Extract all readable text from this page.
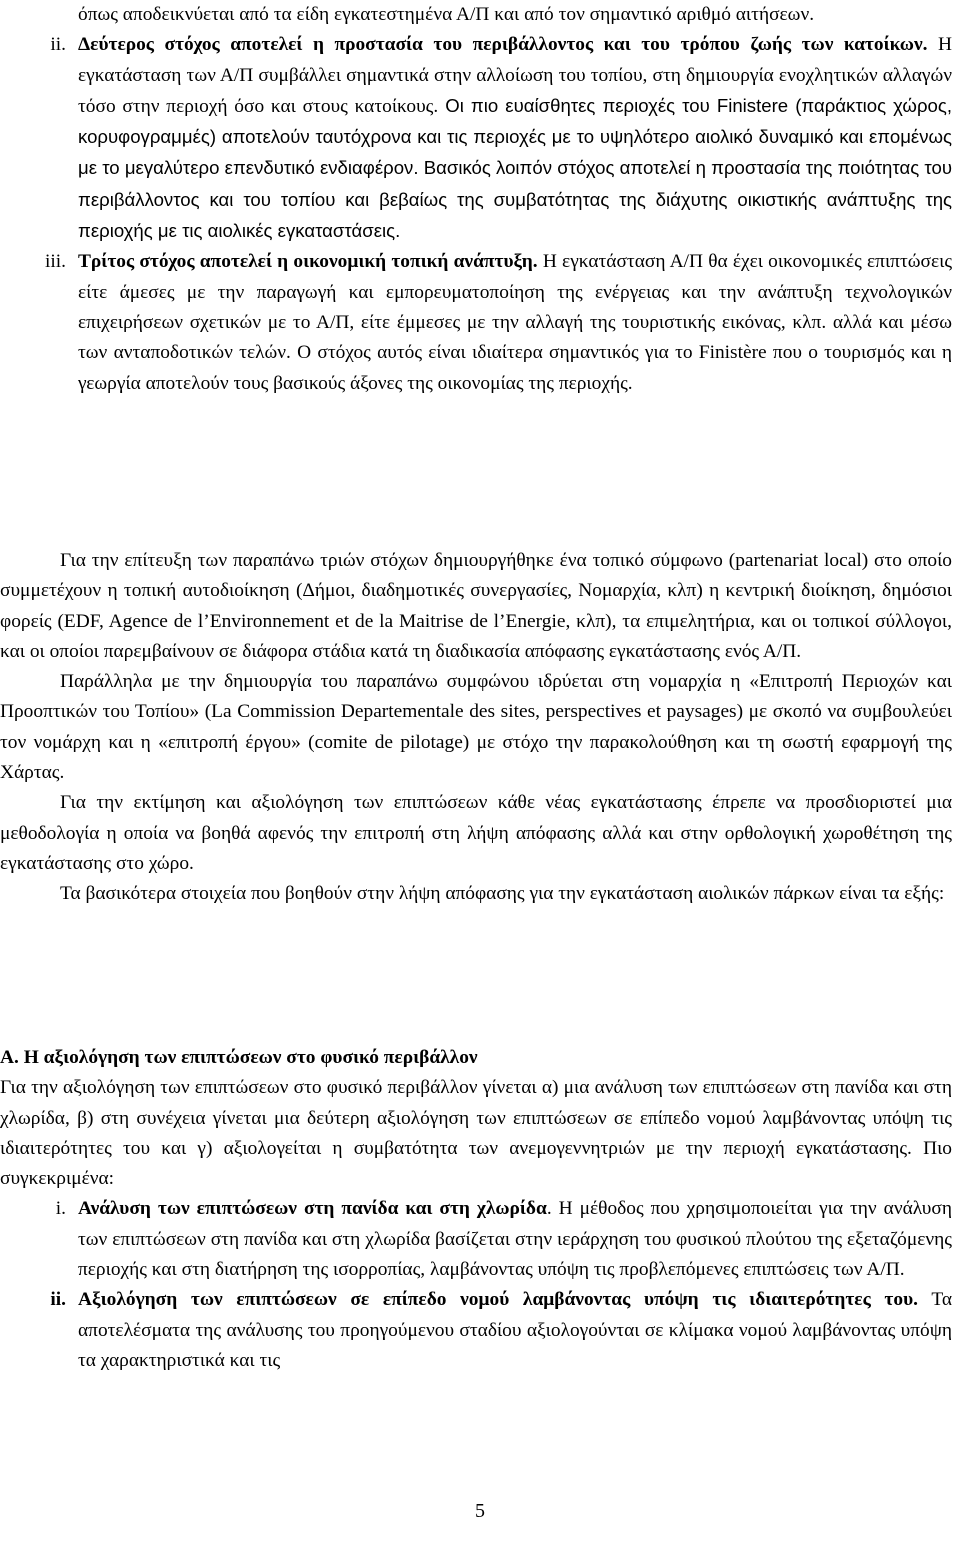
όπως αποδεικνύεται από τα είδη εγκατεστημένα Α/Π και από τον σημαντικό αριθμό αιτήσεων.

ii. Δεύτερος στόχος αποτελεί η προστασία του περιβάλλοντος και του τρόπου ζωής των κατοίκων. Η εγκατάσταση των Α/Π συμβάλλει σημαντικά στην αλλοίωση του τοπίου, στη δημιουργία ενοχλητικών αλλαγών τόσο στην περιοχή όσο και στους κατοίκους. Οι πιο ευαίσθητες περιοχές του Finistere (παράκτιος χώρος, κορυφογραμμές) αποτελούν ταυτόχρονα και τις περιοχές με το υψηλότερο αιολικό δυναμικό και επομένως με το μεγαλύτερο επενδυτικό ενδιαφέρον. Βασικός λοιπόν στόχος αποτελεί η προστασία της ποιότητας του περιβάλλοντος και του τοπίου και βεβαίως της συμβατότητας της διάχυτης οικιστικής ανάπτυξης της περιοχής με τις αιολικές εγκαταστάσεις.

iii. Τρίτος στόχος αποτελεί η οικονομική τοπική ανάπτυξη. Η εγκατάσταση Α/Π θα έχει οικονομικές επιπτώσεις είτε άμεσες με την παραγωγή και εμπορευματοποίηση της ενέργειας και την ανάπτυξη τεχνολογικών επιχειρήσεων σχετικών με το Α/Π, είτε έμμεσες με την αλλαγή της τουριστικής εικόνας, κλπ. αλλά και μέσω των ανταποδοτικών τελών. Ο στόχος αυτός είναι ιδιαίτερα σημαντικός για το Finistère που ο τουρισμός και η γεωργία αποτελούν τους βασικούς άξονες της οικονομίας της περιοχής.

Για την επίτευξη των παραπάνω τριών στόχων δημιουργήθηκε ένα τοπικό σύμφωνο (partenariat local) στο οποίο συμμετέχουν η τοπική αυτοδιοίκηση (Δήμοι, διαδημοτικές συνεργασίες, Νομαρχία, κλπ) η κεντρική διοίκηση, δημόσιοι φορείς (EDF, Agence de l’Environnement et de la Maitrise de l’Energie, κλπ), τα επιμελητήρια, και οι τοπικοί σύλλογοι, και οι οποίοι παρεμβαίνουν σε διάφορα στάδια κατά τη διαδικασία απόφασης εγκατάστασης ενός Α/Π.

Παράλληλα με την δημιουργία του παραπάνω συμφώνου ιδρύεται στη νομαρχία η «Επιτροπή Περιοχών και Προοπτικών του Τοπίου» (La Commission Departementale des sites, perspectives et paysages) με σκοπό να συμβουλεύει τον νομάρχη και η «επιτροπή έργου» (comite de pilotage) με στόχο την παρακολούθηση και τη σωστή εφαρμογή της Χάρτας.

Για την εκτίμηση και αξιολόγηση των επιπτώσεων κάθε νέας εγκατάστασης έπρεπε να προσδιοριστεί μια μεθοδολογία η οποία να βοηθά αφενός την επιτροπή στη λήψη απόφασης αλλά και στην ορθολογική χωροθέτηση της εγκατάστασης στο χώρο.

Τα βασικότερα στοιχεία που βοηθούν στην λήψη απόφασης για την εγκατάσταση αιολικών πάρκων είναι τα εξής:

Α. Η αξιολόγηση των επιπτώσεων στο φυσικό περιβάλλον

Για την αξιολόγηση των επιπτώσεων στο φυσικό περιβάλλον γίνεται α) μια ανάλυση των επιπτώσεων στη πανίδα και στη χλωρίδα, β) στη συνέχεια γίνεται μια δεύτερη αξιολόγηση των επιπτώσεων σε επίπεδο νομού λαμβάνοντας υπόψη τις ιδιαιτερότητες του και γ) αξιολογείται η συμβατότητα των ανεμογεννητριών με την περιοχή εγκατάστασης. Πιο συγκεκριμένα:

i. Ανάλυση των επιπτώσεων στη πανίδα και στη χλωρίδα. Η μέθοδος που χρησιμοποιείται για την ανάλυση των επιπτώσεων στη πανίδα και στη χλωρίδα βασίζεται στην ιεράρχηση του φυσικού πλούτου της εξεταζόμενης περιοχής και στη διατήρηση της ισορροπίας, λαμβάνοντας υπόψη τις προβλεπόμενες επιπτώσεις των Α/Π.

ii. Αξιολόγηση των επιπτώσεων σε επίπεδο νομού λαμβάνοντας υπόψη τις ιδιαιτερότητες του. Τα αποτελέσματα της ανάλυσης του προηγούμενου σταδίου αξιολογούνται σε κλίμακα νομού λαμβάνοντας υπόψη τα χαρακτηριστικά και τις

5
